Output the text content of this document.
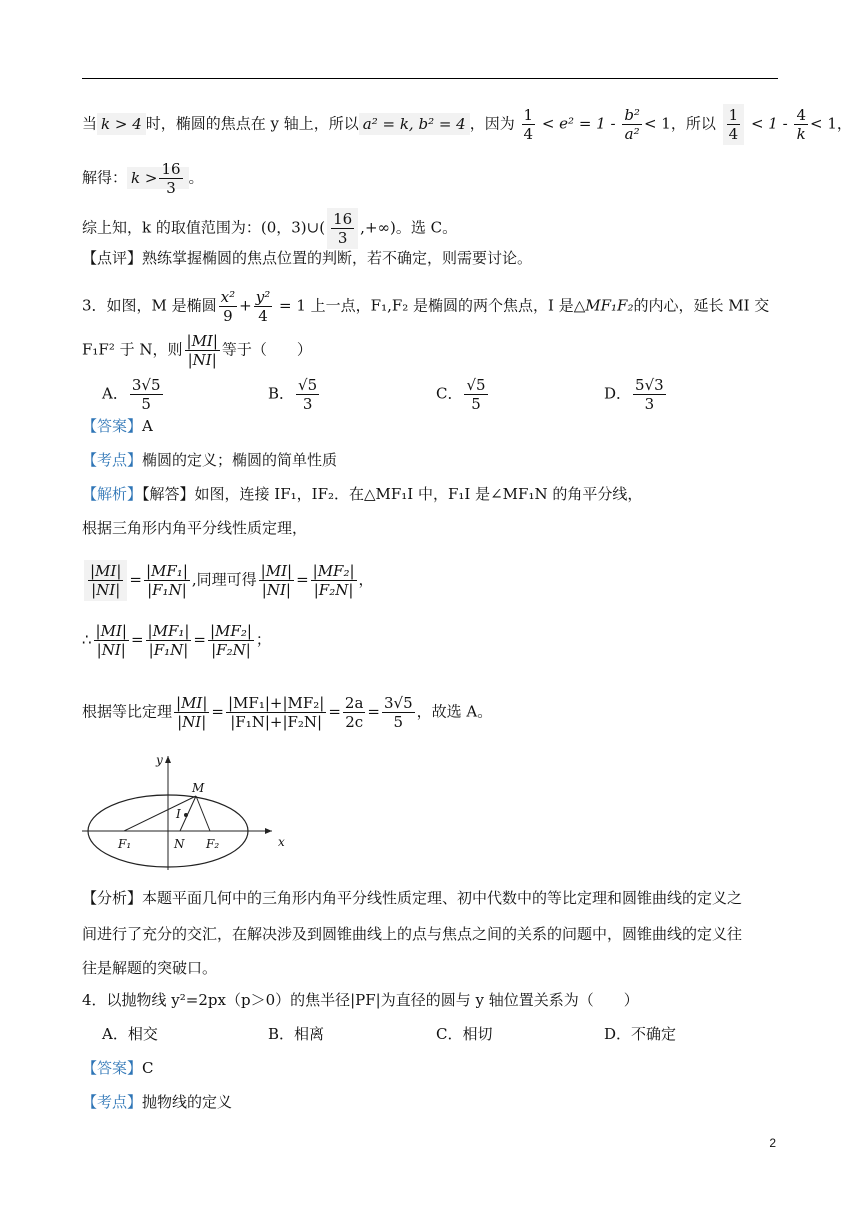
当 k > 4 时，椭圆的焦点在 y 轴上，所以 a² = k, b² = 4 ，因为 $\frac{1}{4} < e^2 = 1 - \frac{\text{b²}}{\text{a²}} < 1$，所以 $\frac{1}{4} < 1 - \frac{4}{k} < 1$，
解得： $k > \frac{16}{3}$ 。
综上知，k 的取值范围为：(0，3)∪( $\frac{16}{3}$ ,+∞)。选 C。
【点评】熟练掌握椭圆的焦点位置的判断，若不确定，则需要讨论。
3．如图，M 是椭圆 $\frac{\text{x²}}{9} + \frac{\text{y²}}{4} = 1$ 上一点，F₁,F₂ 是椭圆的两个焦点，I 是△MF₁F₂的内心，延长 MI 交
F₁F² 于 N，则 $\frac{|MI|}{|NI|}$ 等于（　　）
A． $\frac{3√5}{5}$	B． $\frac{√5}{3}$	C． $\frac{√5}{5}$	D． $\frac{5√3}{3}$
【答案】A
【考点】椭圆的定义；椭圆的简单性质
【解析】【解答】如图，连接 IF₁，IF₂．在△MF₁I 中，F₁I 是∠MF₁N 的角平分线，
根据三角形内角平分线性质定理，
$\frac{|MI|}{|NI|} = \frac{\text{|MF₁|}}{\text{|F₁N|}}$ ,同理可得 $\frac{|MI|}{|NI|} = \frac{\text{|MF₂|}}{\text{|F₂N|}}$ ，
∴ $\frac{|MI|}{|NI|} = \frac{\text{|MF₁|}}{\text{|F₁N|}} = \frac{\text{|MF₂|}}{\text{|F₂N|}}$ ；
根据等比定理 $\frac{|MI|}{|NI|} = \frac{\text{|MF₁|+|MF₂|}}{\text{|F₁N|+|F₂N|}} = \frac{2a}{2c} = \frac{3√5}{5}$ ，故选 A。
y
x
M
I
F₁	N F₂
【分析】本题平面几何中的三角形内角平分线性质定理、初中代数中的等比定理和圆锥曲线的定义之
间进行了充分的交汇，在解决涉及到圆锥曲线上的点与焦点之间的关系的问题中，圆锥曲线的定义往
往是解题的突破口。
4．以抛物线 y²=2px（p＞0）的焦半径|PF|为直径的圆与 y 轴位置关系为（　　）
A．相交	B．相离	C．相切	D．不确定
【答案】C
【考点】抛物线的定义
2
